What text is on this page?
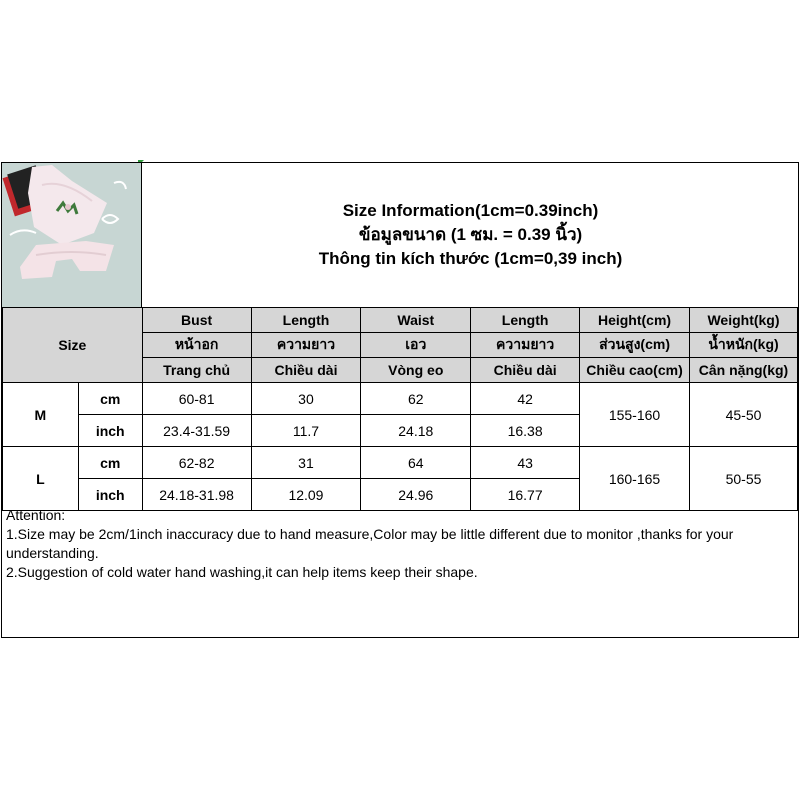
Size Information(1cm=0.39inch)
ข้อมูลขนาด (1 ซม. = 0.39 นิ้ว)
Thông tin kích thước (1cm=0,39 inch)
Size		Bust	Length	Waist	Length	Height(cm)	Weight(kg)
		หน้าอก	ความยาว	เอว	ความยาว	ส่วนสูง(cm)	น้ำหนัก(kg)
		Trang chủ	Chiều dài	Vòng eo	Chiều dài	Chiều cao(cm)	Cân nặng(kg)
M	cm	60-81	30	62	42	155-160	45-50
	inch	23.4-31.59	11.7	24.18	16.38		
L	cm	62-82	31	64	43	160-165	50-55
	inch	24.18-31.98	12.09	24.96	16.77		

Attention:

1.Size may be 2cm/1inch inaccuracy due to hand measure,Color may be little different due to monitor ,thanks for your understanding.

2.Suggestion of cold water hand washing,it can help items keep their shape.
